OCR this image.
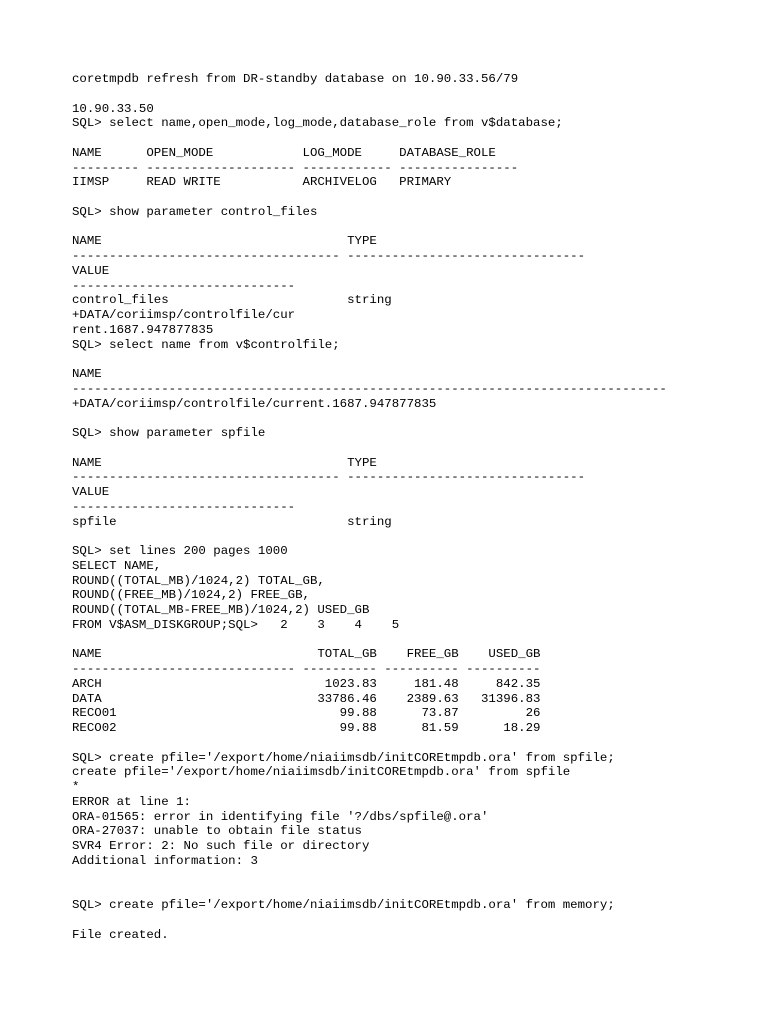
coretmpdb refresh from DR-standby database on 10.90.33.56/79

10.90.33.50
SQL> select name,open_mode,log_mode,database_role from v$database;

NAME      OPEN_MODE            LOG_MODE     DATABASE_ROLE
--------- -------------------- ------------ ----------------
IIMSP     READ WRITE           ARCHIVELOG   PRIMARY

SQL> show parameter control_files

NAME                                 TYPE
------------------------------------ --------------------------------
VALUE
------------------------------
control_files                        string
+DATA/coriimsp/controlfile/cur
rent.1687.947877835
SQL> select name from v$controlfile;

NAME
--------------------------------------------------------------------------------
+DATA/coriimsp/controlfile/current.1687.947877835

SQL> show parameter spfile

NAME                                 TYPE
------------------------------------ --------------------------------
VALUE
------------------------------
spfile                               string

SQL> set lines 200 pages 1000
SELECT NAME,
ROUND((TOTAL_MB)/1024,2) TOTAL_GB,
ROUND((FREE_MB)/1024,2) FREE_GB,
ROUND((TOTAL_MB-FREE_MB)/1024,2) USED_GB
FROM V$ASM_DISKGROUP;SQL>   2    3    4    5

NAME                             TOTAL_GB    FREE_GB    USED_GB
------------------------------ ---------- ---------- ----------
ARCH                              1023.83     181.48     842.35
DATA                             33786.46    2389.63   31396.83
RECO01                              99.88      73.87         26
RECO02                              99.88      81.59      18.29

SQL> create pfile='/export/home/niaiimsdb/initCOREtmpdb.ora' from spfile;
create pfile='/export/home/niaiimsdb/initCOREtmpdb.ora' from spfile
*
ERROR at line 1:
ORA-01565: error in identifying file '?/dbs/spfile@.ora'
ORA-27037: unable to obtain file status
SVR4 Error: 2: No such file or directory
Additional information: 3

SQL> create pfile='/export/home/niaiimsdb/initCOREtmpdb.ora' from memory;

File created.
